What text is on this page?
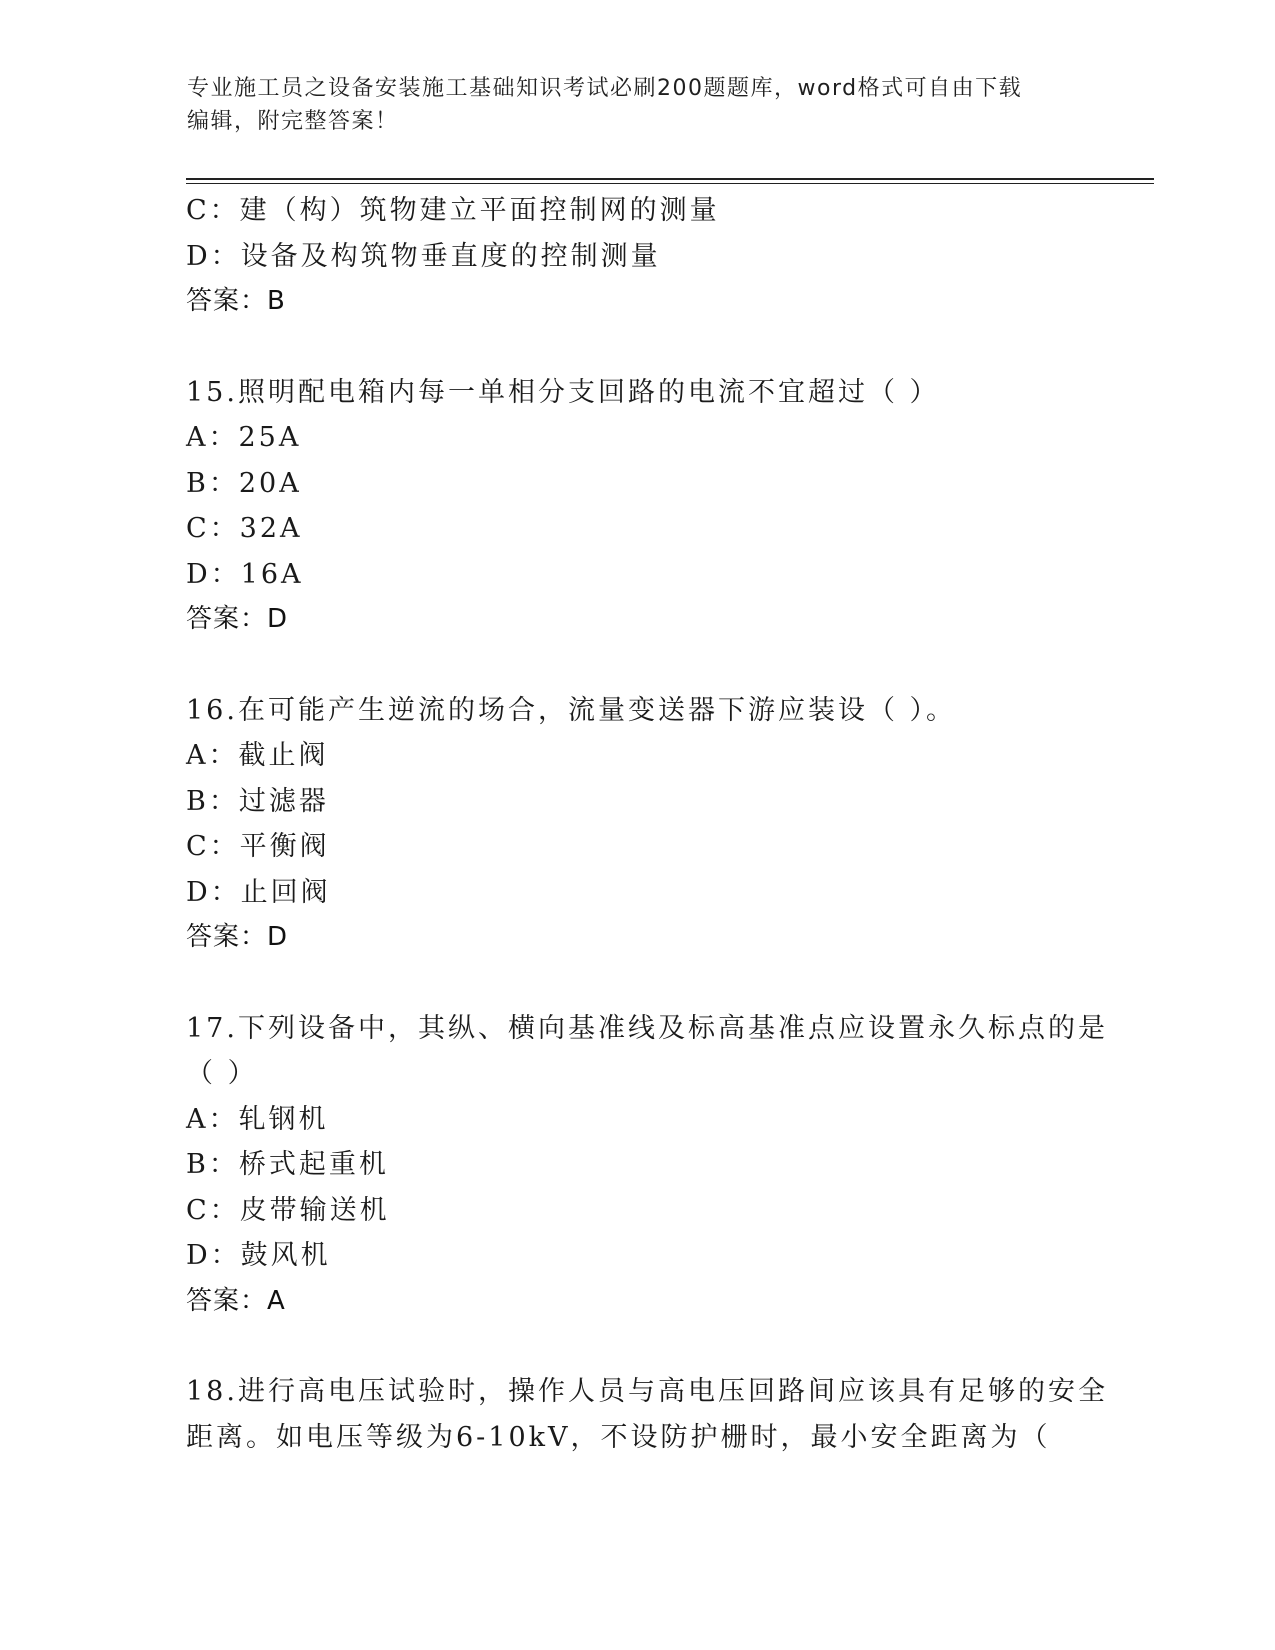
专业施工员之设备安装施工基础知识考试必刷200题题库，word格式可自由下载
编辑，附完整答案！
C：建（构）筑物建立平面控制网的测量
D：设备及构筑物垂直度的控制测量
答案：B
15.照明配电箱内每一单相分支回路的电流不宜超过（ ）
A：25A
B：20A
C：32A
D：16A
答案：D
16.在可能产生逆流的场合，流量变送器下游应装设（ ）。
A：截止阀
B：过滤器
C：平衡阀
D：止回阀
答案：D
17.下列设备中，其纵、横向基准线及标高基准点应设置永久标点的是
（ ）
A：轧钢机
B：桥式起重机
C：皮带输送机
D：鼓风机
答案：A
18.进行高电压试验时，操作人员与高电压回路间应该具有足够的安全
距离。如电压等级为6-10kV，不设防护栅时，最小安全距离为（
